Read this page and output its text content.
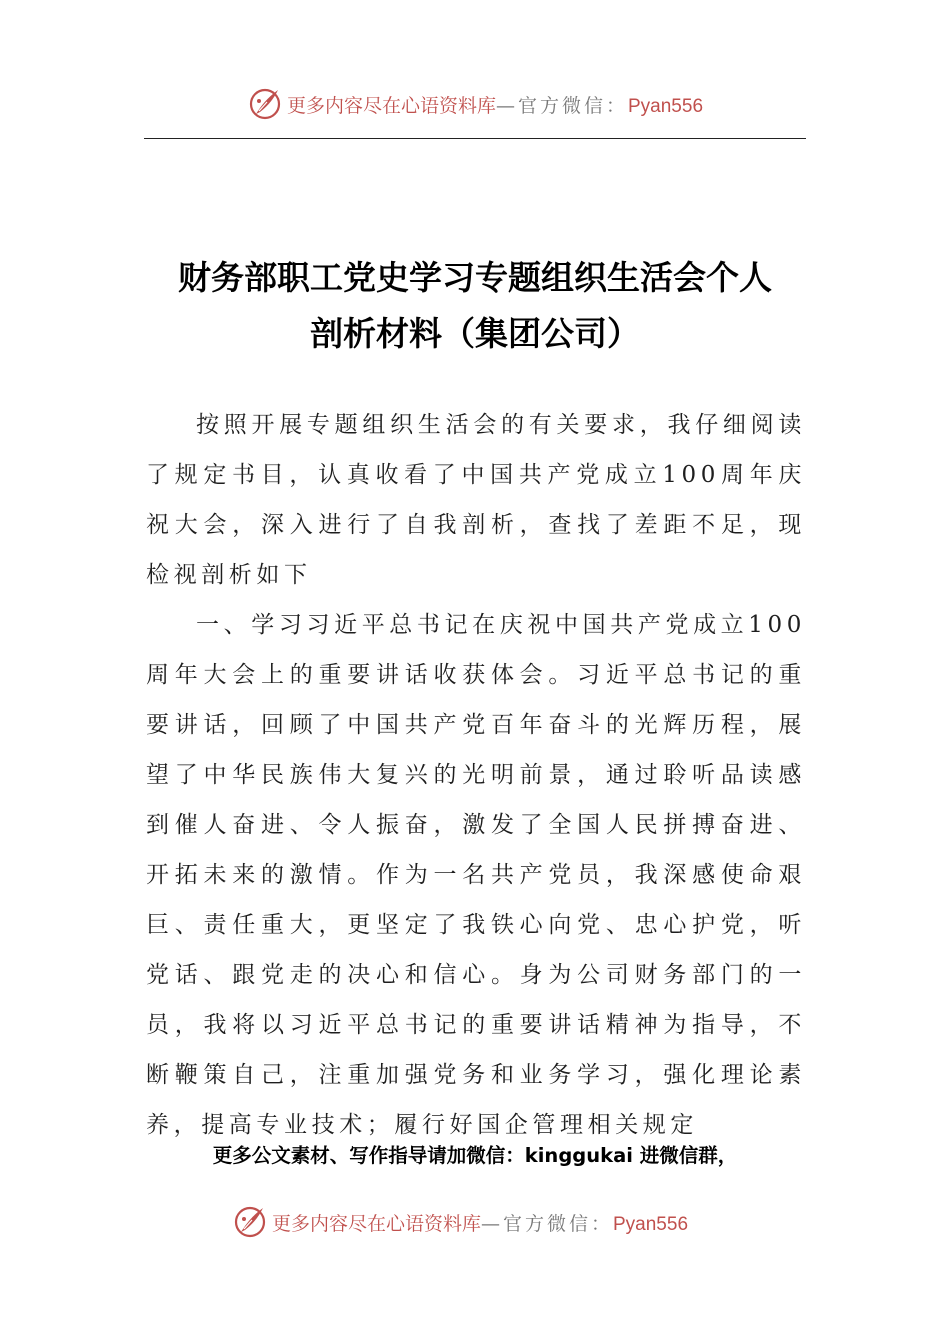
更多内容尽在心语资料库—官方微信：Pyan556
财务部职工党史学习专题组织生活会个人
剖析材料（集团公司）

按照开展专题组织生活会的有关要求，我仔细阅读了规定书目，认真收看了中国共产党成立100周年庆祝大会，深入进行了自我剖析，查找了差距不足，现检视剖析如下

一、学习习近平总书记在庆祝中国共产党成立100周年大会上的重要讲话收获体会。习近平总书记的重要讲话，回顾了中国共产党百年奋斗的光辉历程，展望了中华民族伟大复兴的光明前景，通过聆听品读感到催人奋进、令人振奋，激发了全国人民拼搏奋进、开拓未来的激情。作为一名共产党员，我深感使命艰巨、责任重大，更坚定了我铁心向党、忠心护党，听党话、跟党走的决心和信心。身为公司财务部门的一员，我将以习近平总书记的重要讲话精神为指导，不断鞭策自己，注重加强党务和业务学习，强化理论素养，提高专业技术；履行好国企管理相关规定

更多公文素材、写作指导请加微信：kinggukai 进微信群，
更多内容尽在心语资料库—官方微信：Pyan556
